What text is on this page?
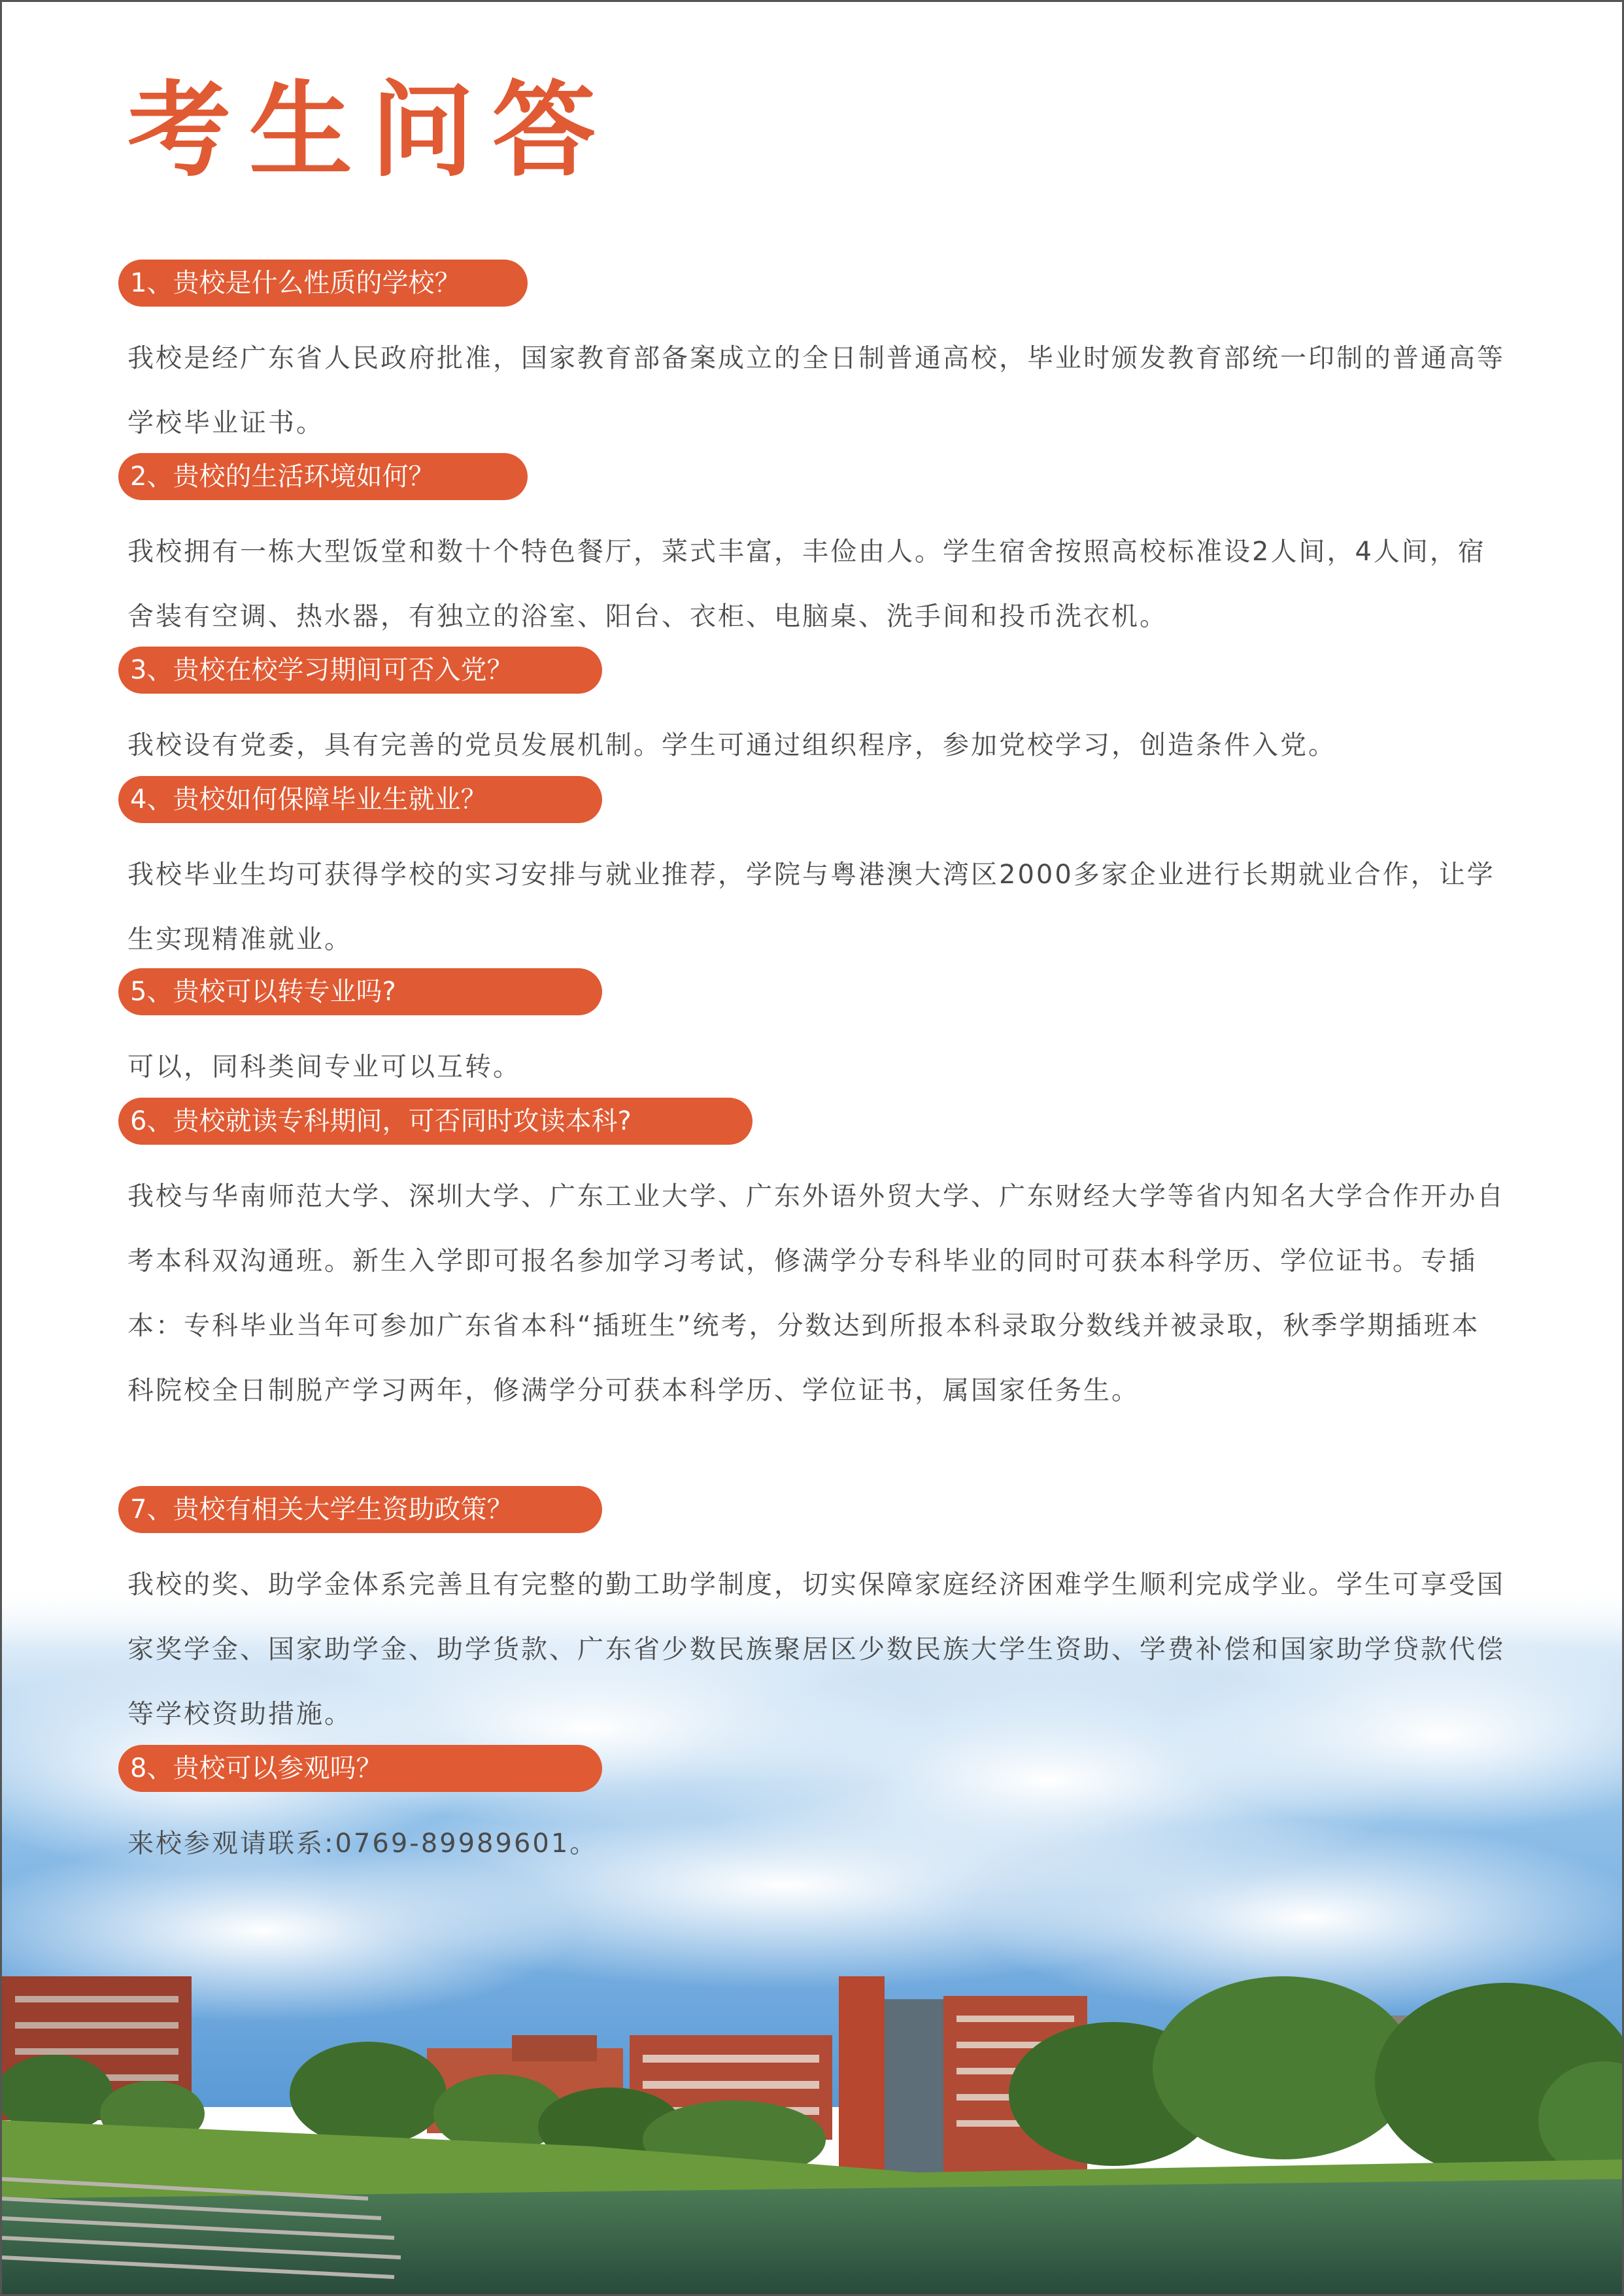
考生问答
1、贵校是什么性质的学校？

我校是经广东省人民政府批准，国家教育部备案成立的全日制普通高校，毕业时颁发教育部统一印制的普通高等学校毕业证书。

2、贵校的生活环境如何？

我校拥有一栋大型饭堂和数十个特色餐厅，菜式丰富，丰俭由人。学生宿舍按照高校标准设2人间，4人间，宿舍装有空调、热水器，有独立的浴室、阳台、衣柜、电脑桌、洗手间和投币洗衣机。

3、贵校在校学习期间可否入党？

我校设有党委，具有完善的党员发展机制。学生可通过组织程序，参加党校学习，创造条件入党。

4、贵校如何保障毕业生就业？

我校毕业生均可获得学校的实习安排与就业推荐，学院与粤港澳大湾区2000多家企业进行长期就业合作，让学生实现精准就业。

5、贵校可以转专业吗?

可以，同科类间专业可以互转。

6、贵校就读专科期间，可否同时攻读本科?

我校与华南师范大学、深圳大学、广东工业大学、广东外语外贸大学、广东财经大学等省内知名大学合作开办自考本科双沟通班。新生入学即可报名参加学习考试，修满学分专科毕业的同时可获本科学历、学位证书。专插本：专科毕业当年可参加广东省本科“插班生”统考，分数达到所报本科录取分数线并被录取，秋季学期插班本科院校全日制脱产学习两年，修满学分可获本科学历、学位证书，属国家任务生。

7、贵校有相关大学生资助政策？

我校的奖、助学金体系完善且有完整的勤工助学制度，切实保障家庭经济困难学生顺利完成学业。学生可享受国家奖学金、国家助学金、助学货款、广东省少数民族聚居区少数民族大学生资助、学费补偿和国家助学贷款代偿等学校资助措施。

8、贵校可以参观吗？

来校参观请联系:0769-89989601。
